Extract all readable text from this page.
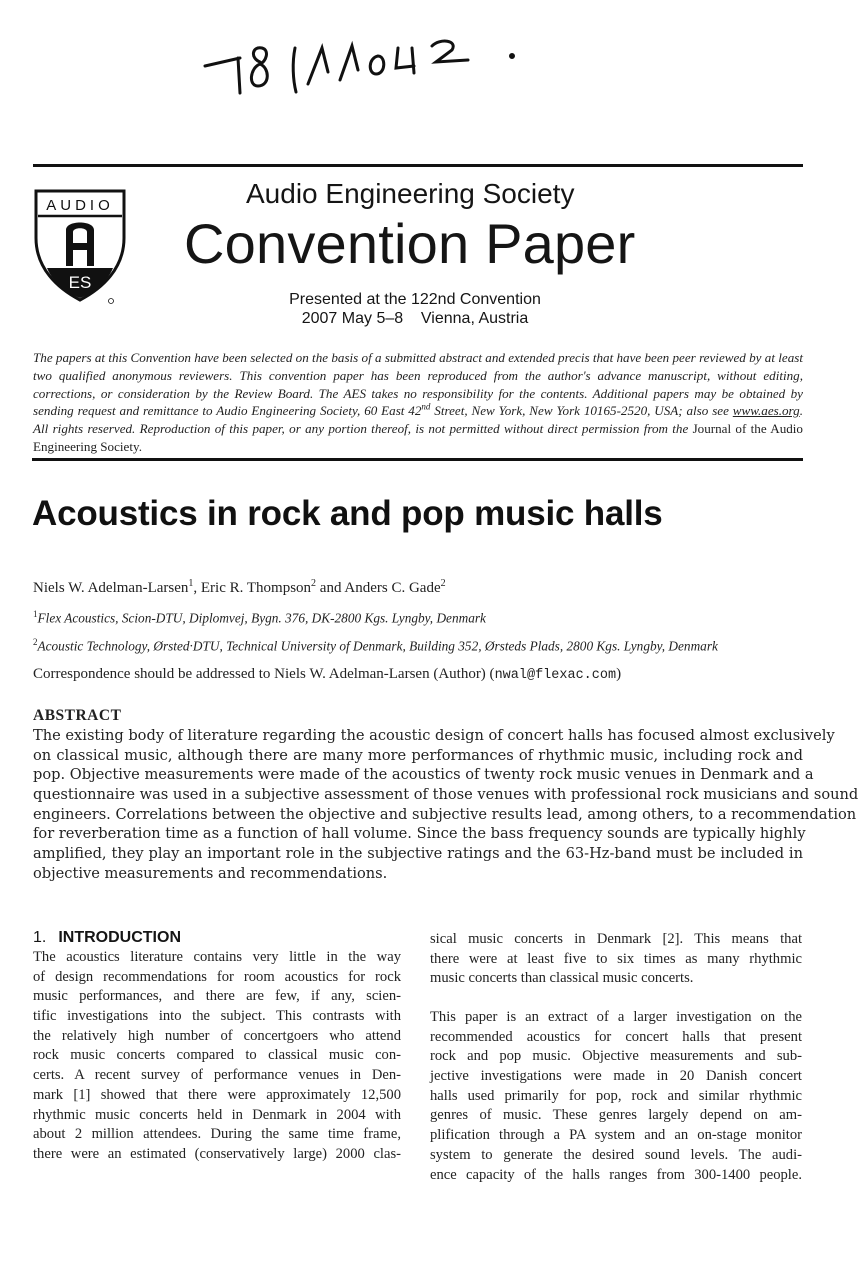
AUDIO
ES
Audio Engineering Society
Convention Paper
Presented at the 122nd Convention
2007 May 5–8    Vienna, Austria
The papers at this Convention have been selected on the basis of a submitted abstract and extended precis that have been peer reviewed by at least two qualified anonymous reviewers. This convention paper has been reproduced from the author's advance manuscript, without editing, corrections, or consideration by the Review Board. The AES takes no responsibility for the contents. Additional papers may be obtained by sending request and remittance to Audio Engineering Society, 60 East 42nd Street, New York, New York 10165-2520, USA; also see www.aes.org. All rights reserved. Reproduction of this paper, or any portion thereof, is not permitted without direct permission from the Journal of the Audio Engineering Society.
Acoustics in rock and pop music halls
Niels W. Adelman-Larsen$^1$, Eric R. Thompson$^2$ and Anders C. Gade$^2$
$^1$Flex Acoustics, Scion-DTU, Diplomvej, Bygn. 376, DK-2800 Kgs. Lyngby, Denmark
$^2$Acoustic Technology, Ørsted·DTU, Technical University of Denmark, Building 352, Ørsteds Plads, 2800 Kgs. Lyngby, Denmark
Correspondence should be addressed to Niels W. Adelman-Larsen (Author) (nwal@flexac.com)
ABSTRACT
The existing body of literature regarding the acoustic design of concert halls has focused almost exclusively
on classical music, although there are many more performances of rhythmic music, including rock and
pop. Objective measurements were made of the acoustics of twenty rock music venues in Denmark and a
questionnaire was used in a subjective assessment of those venues with professional rock musicians and sound
engineers. Correlations between the objective and subjective results lead, among others, to a recommendation
for reverberation time as a function of hall volume. Since the bass frequency sounds are typically highly
amplified, they play an important role in the subjective ratings and the 63-Hz-band must be included in
objective measurements and recommendations.
1. INTRODUCTION
The acoustics literature contains very little in the way
of design recommendations for room acoustics for rock
music performances, and there are few, if any, scien-
tific investigations into the subject. This contrasts with
the relatively high number of concertgoers who attend
rock music concerts compared to classical music con-
certs. A recent survey of performance venues in Den-
mark [1] showed that there were approximately 12,500
rhythmic music concerts held in Denmark in 2004 with
about 2 million attendees. During the same time frame,
there were an estimated (conservatively large) 2000 clas-
sical music concerts in Denmark [2]. This means that
there were at least five to six times as many rhythmic
music concerts than classical music concerts.
This paper is an extract of a larger investigation on the
recommended acoustics for concert halls that present
rock and pop music. Objective measurements and sub-
jective investigations were made in 20 Danish concert
halls used primarily for pop, rock and similar rhythmic
genres of music. These genres largely depend on am-
plification through a PA system and an on-stage monitor
system to generate the desired sound levels. The audi-
ence capacity of the halls ranges from 300-1400 people.
